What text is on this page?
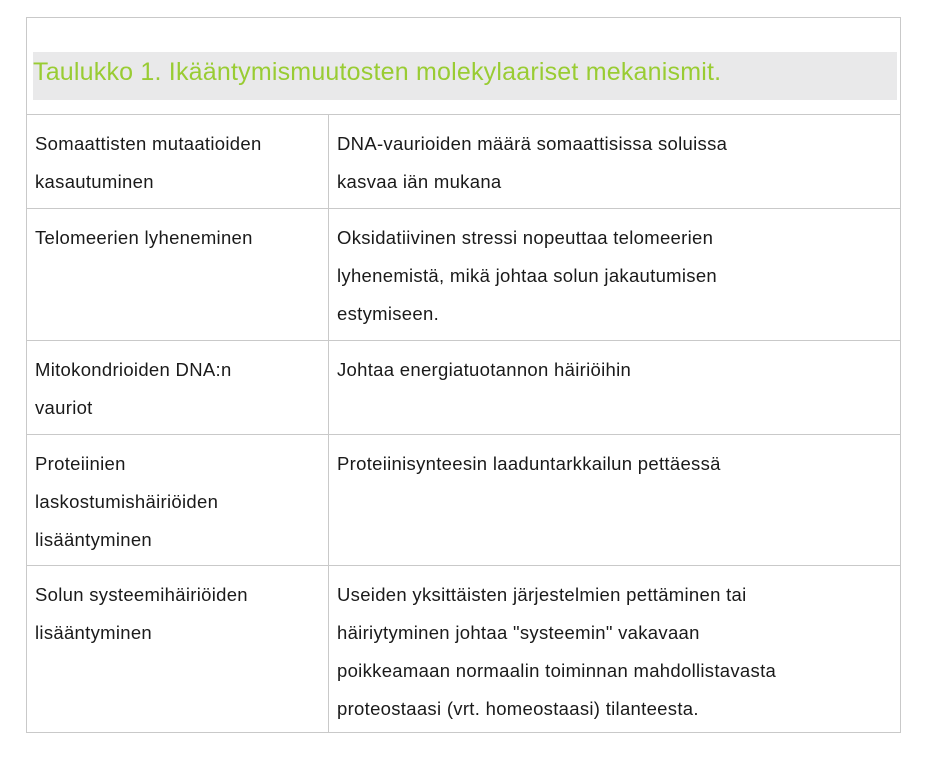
Taulukko 1. Ikääntymismuutosten molekylaariset mekanismit.
Somaattisten mutaatioiden
kasautuminen
DNA-vaurioiden määrä somaattisissa soluissa
kasvaa iän mukana
Telomeerien lyheneminen	Oksidatiivinen stressi nopeuttaa telomeerien
lyhenemistä, mikä johtaa solun jakautumisen
estymiseen.
Mitokondrioiden DNA:n
vauriot
Johtaa energiatuotannon häiriöihin
Proteiinien
laskostumishäiriöiden
lisääntyminen
Proteiinisynteesin laaduntarkkailun pettäessä
Solun systeemihäiriöiden
lisääntyminen
Useiden yksittäisten järjestelmien pettäminen tai
häiriytyminen johtaa "systeemin" vakavaan
poikkeamaan normaalin toiminnan mahdollistavasta
proteostaasi (vrt. homeostaasi) tilanteesta.
